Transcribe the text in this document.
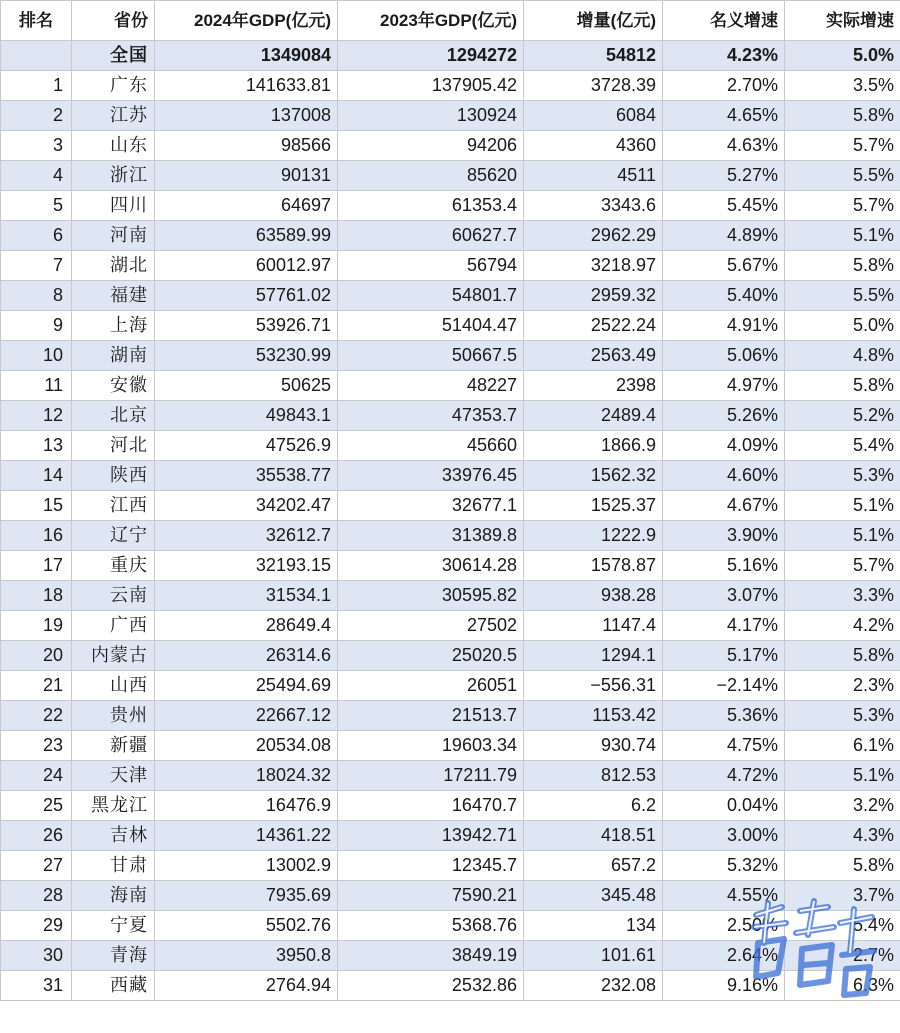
排名	省份	2024年GDP(亿元)	2023年GDP(亿元)	增量(亿元)	名义增速	实际增速
	全国	1349084	1294272	54812	4.23%	5.0%
1	广东	141633.81	137905.42	3728.39	2.70%	3.5%
2	江苏	137008	130924	6084	4.65%	5.8%
3	山东	98566	94206	4360	4.63%	5.7%
4	浙江	90131	85620	4511	5.27%	5.5%
5	四川	64697	61353.4	3343.6	5.45%	5.7%
6	河南	63589.99	60627.7	2962.29	4.89%	5.1%
7	湖北	60012.97	56794	3218.97	5.67%	5.8%
8	福建	57761.02	54801.7	2959.32	5.40%	5.5%
9	上海	53926.71	51404.47	2522.24	4.91%	5.0%
10	湖南	53230.99	50667.5	2563.49	5.06%	4.8%
11	安徽	50625	48227	2398	4.97%	5.8%
12	北京	49843.1	47353.7	2489.4	5.26%	5.2%
13	河北	47526.9	45660	1866.9	4.09%	5.4%
14	陕西	35538.77	33976.45	1562.32	4.60%	5.3%
15	江西	34202.47	32677.1	1525.37	4.67%	5.1%
16	辽宁	32612.7	31389.8	1222.9	3.90%	5.1%
17	重庆	32193.15	30614.28	1578.87	5.16%	5.7%
18	云南	31534.1	30595.82	938.28	3.07%	3.3%
19	广西	28649.4	27502	1147.4	4.17%	4.2%
20	内蒙古	26314.6	25020.5	1294.1	5.17%	5.8%
21	山西	25494.69	26051	−556.31	−2.14%	2.3%
22	贵州	22667.12	21513.7	1153.42	5.36%	5.3%
23	新疆	20534.08	19603.34	930.74	4.75%	6.1%
24	天津	18024.32	17211.79	812.53	4.72%	5.1%
25	黑龙江	16476.9	16470.7	6.2	0.04%	3.2%
26	吉林	14361.22	13942.71	418.51	3.00%	4.3%
27	甘肃	13002.9	12345.7	657.2	5.32%	5.8%
28	海南	7935.69	7590.21	345.48	4.55%	3.7%
29	宁夏	5502.76	5368.76	134	2.50%	5.4%
30	青海	3950.8	3849.19	101.61	2.64%	2.7%
31	西藏	2764.94	2532.86	232.08	9.16%	6.3%
